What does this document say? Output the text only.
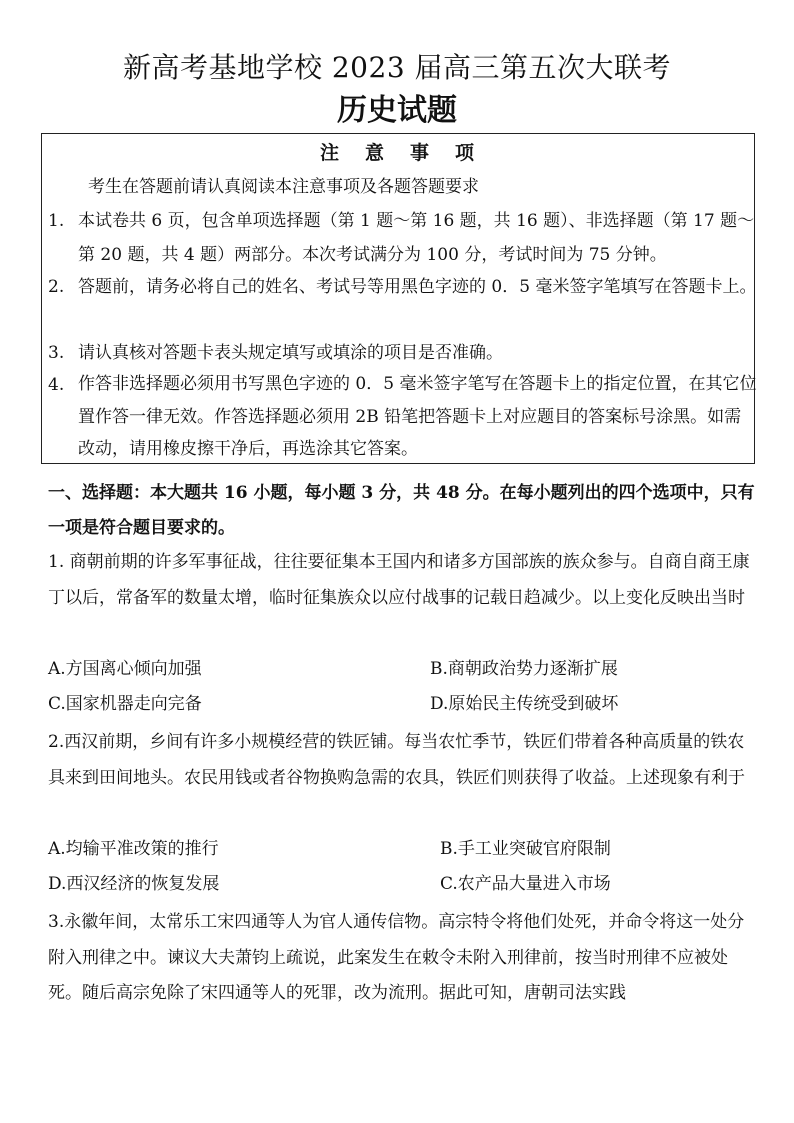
新高考基地学校 2023 届高三第五次大联考
历史试题
注 意 事 项
考生在答题前请认真阅读本注意事项及各题答题要求
1. 本试卷共 6 页，包含单项选择题（第 1 题～第 16 题，共 16 题）、非选择题（第 17 题～第 20 题，共 4 题）两部分。本次考试满分为 100 分，考试时间为 75 分钟。
2. 答题前，请务必将自己的姓名、考试号等用黑色字迹的 0．5 毫米签字笔填写在答题卡上。
3. 请认真核对答题卡表头规定填写或填涂的项目是否准确。
4. 作答非选择题必须用书写黑色字迹的 0．5 毫米签字笔写在答题卡上的指定位置，在其它位置作答一律无效。作答选择题必须用 2B 铅笔把答题卡上对应题目的答案标号涂黑。如需改动，请用橡皮擦干净后，再选涂其它答案。
一、选择题：本大题共 16 小题，每小题 3 分，共 48 分。在每小题列出的四个选项中，只有一项是符合题目要求的。
1. 商朝前期的许多军事征战，往往要征集本王国内和诸多方国部族的族众参与。自商自商王康丁以后，常备军的数量太增，临时征集族众以应付战事的记载日趋减少。以上变化反映出当时
A.方国离心倾向加强	B.商朝政治势力逐渐扩展
C.国家机器走向完备	D.原始民主传统受到破坏
2.西汉前期，乡间有许多小规模经营的铁匠铺。每当农忙季节，铁匠们带着各种高质量的铁农具来到田间地头。农民用钱或者谷物换购急需的农具，铁匠们则获得了收益。上述现象有利于
A.均输平准改策的推行	B.手工业突破官府限制
D.西汉经济的恢复发展	C.农产品大量进入市场
3.永徽年间，太常乐工宋四通等人为官人通传信物。高宗特令将他们处死，并命令将这一处分附入刑律之中。谏议大夫萧钧上疏说，此案发生在敕令未附入刑律前，按当时刑律不应被处死。随后高宗免除了宋四通等人的死罪，改为流刑。据此可知，唐朝司法实践
